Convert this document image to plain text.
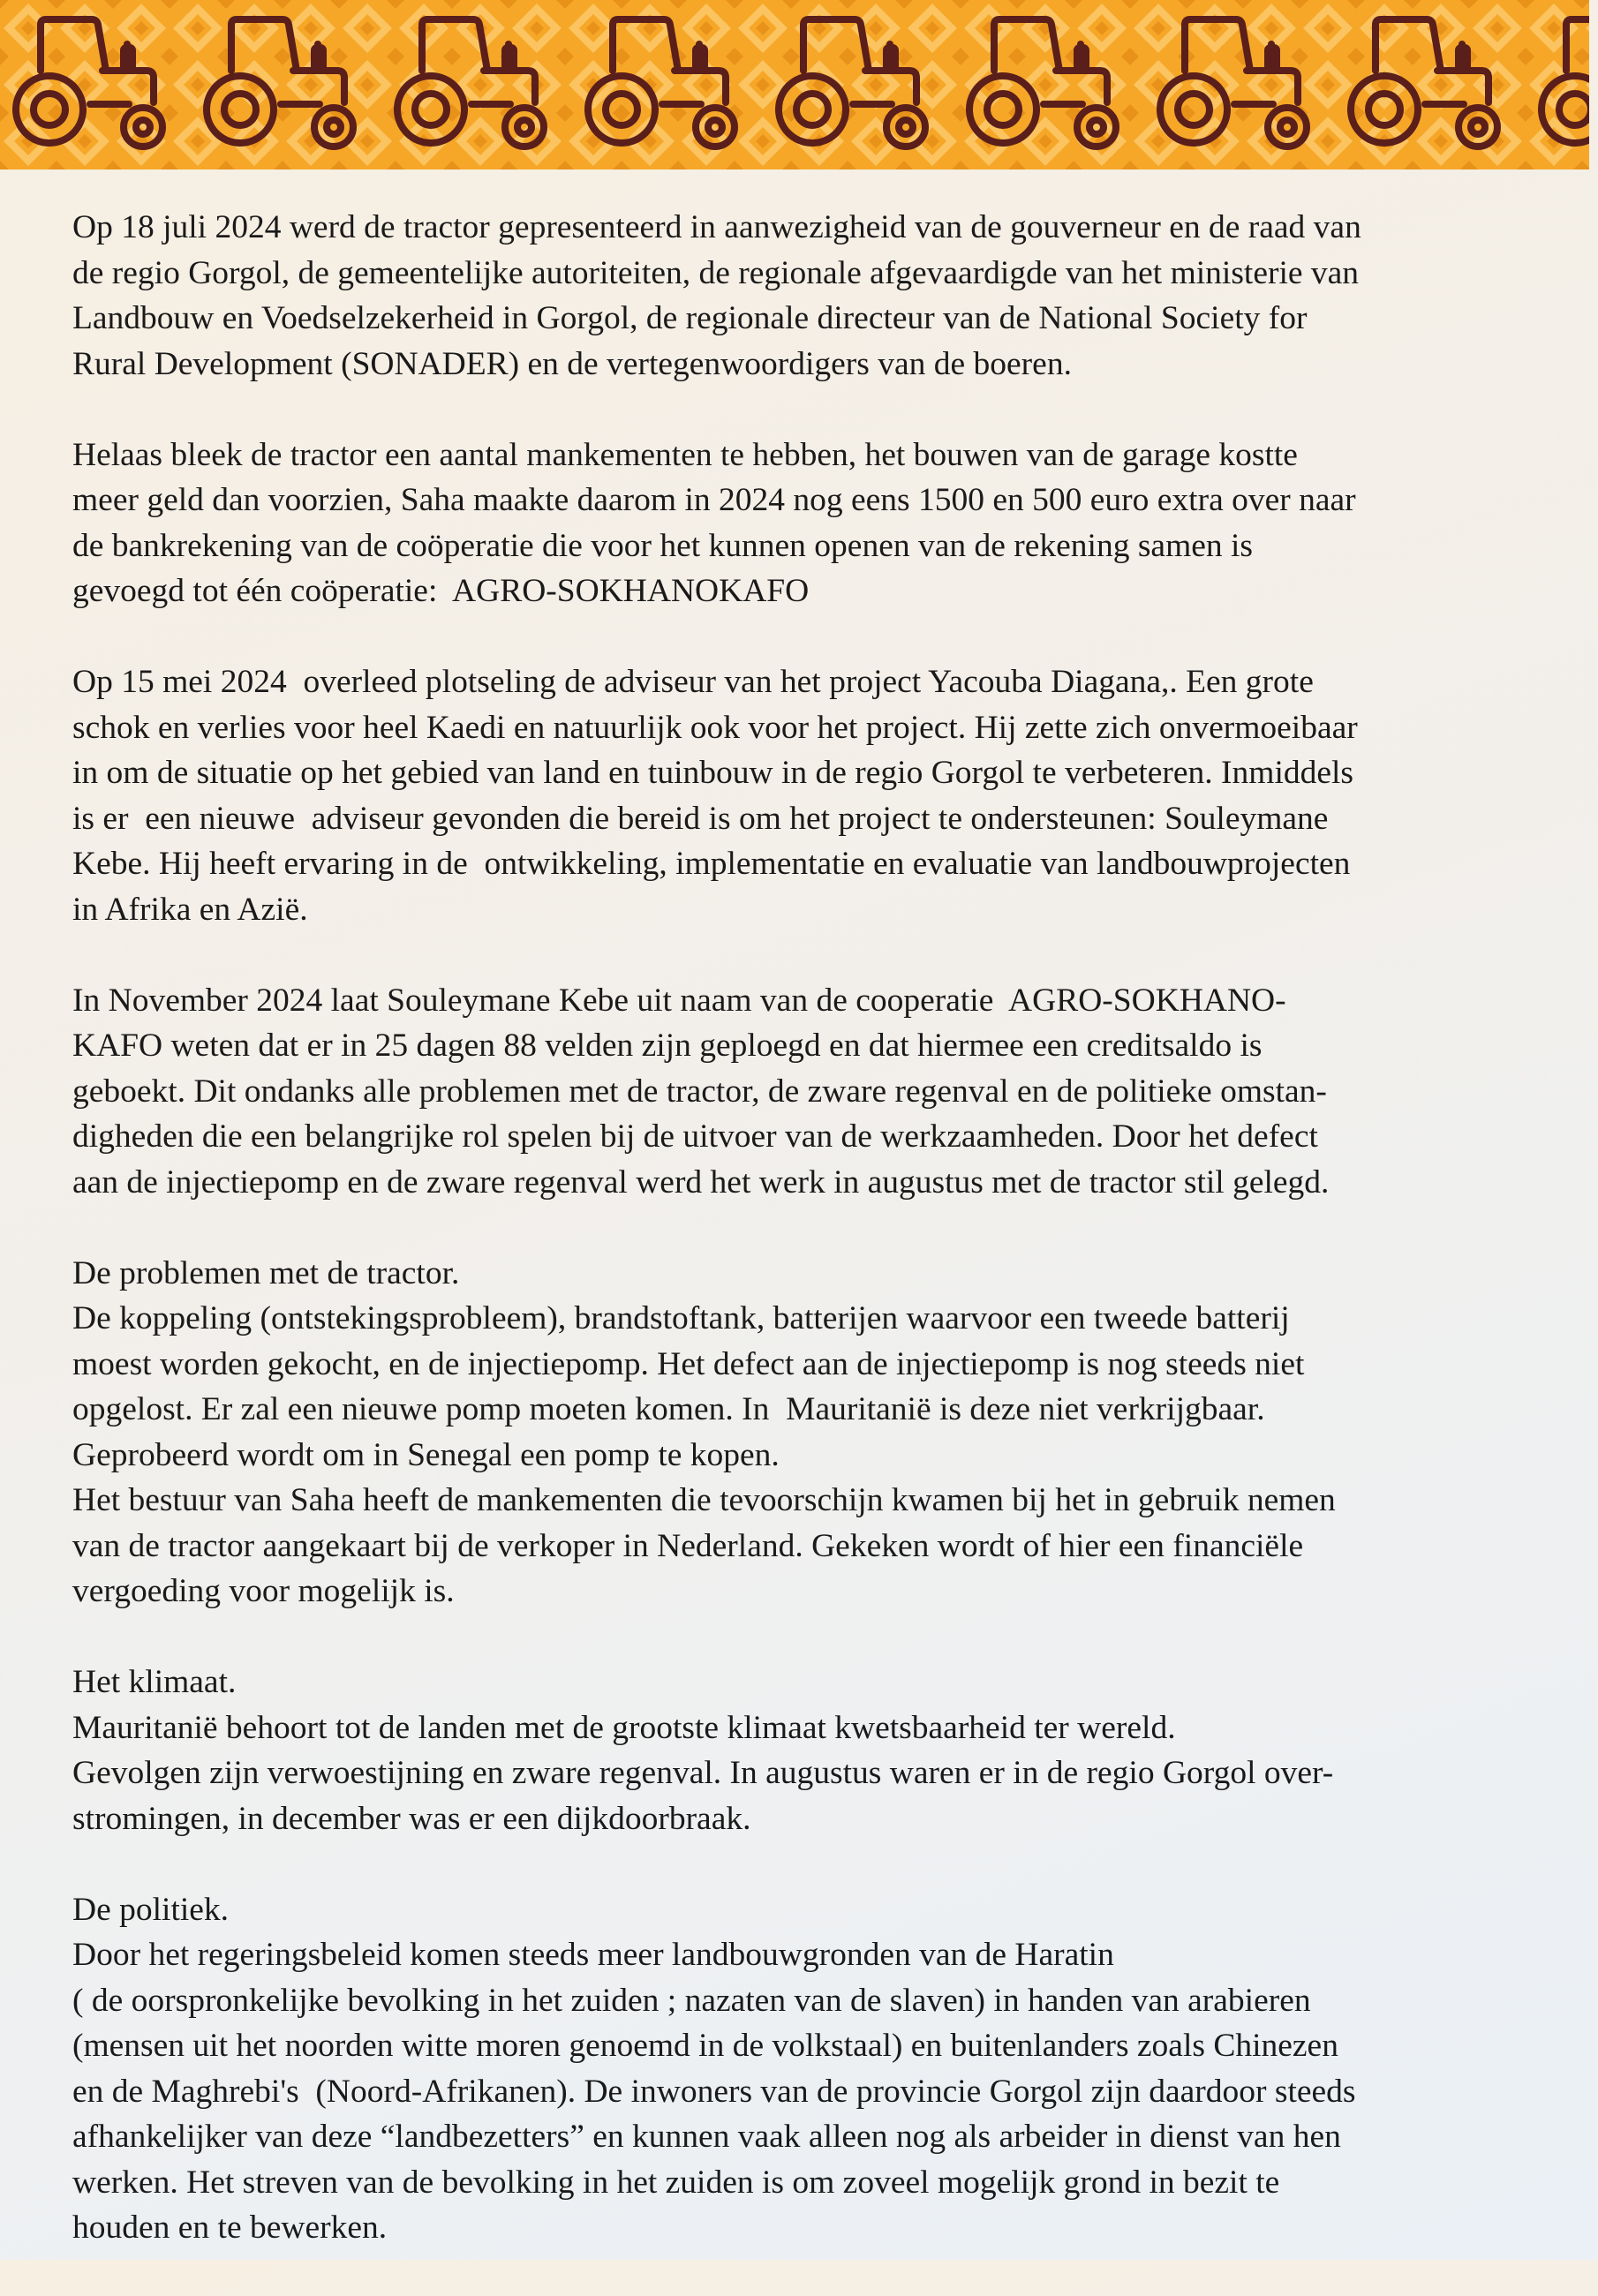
Op 18 juli 2024 werd de tractor gepresenteerd in aanwezigheid van de gouverneur en de raad van
de regio Gorgol, de gemeentelijke autoriteiten, de regionale afgevaardigde van het ministerie van
Landbouw en Voedselzekerheid in Gorgol, de regionale directeur van de National Society for
Rural Development (SONADER) en de vertegenwoordigers van de boeren.
Helaas bleek de tractor een aantal mankementen te hebben, het bouwen van de garage kostte
meer geld dan voorzien, Saha maakte daarom in 2024 nog eens 1500 en 500 euro extra over naar
de bankrekening van de coöperatie die voor het kunnen openen van de rekening samen is
gevoegd tot één coöperatie:  AGRO-SOKHANOKAFO
Op 15 mei 2024  overleed plotseling de adviseur van het project Yacouba Diagana,. Een grote
schok en verlies voor heel Kaedi en natuurlijk ook voor het project. Hij zette zich onvermoeibaar
in om de situatie op het gebied van land en tuinbouw in de regio Gorgol te verbeteren. Inmiddels
is er  een nieuwe  adviseur gevonden die bereid is om het project te ondersteunen: Souleymane
Kebe. Hij heeft ervaring in de  ontwikkeling, implementatie en evaluatie van landbouwprojecten
in Afrika en Azië.
In November 2024 laat Souleymane Kebe uit naam van de cooperatie  AGRO-SOKHANO-
KAFO weten dat er in 25 dagen 88 velden zijn geploegd en dat hiermee een creditsaldo is
geboekt. Dit ondanks alle problemen met de tractor, de zware regenval en de politieke omstan-
digheden die een belangrijke rol spelen bij de uitvoer van de werkzaamheden. Door het defect
aan de injectiepomp en de zware regenval werd het werk in augustus met de tractor stil gelegd.
De problemen met de tractor.
De koppeling (ontstekingsprobleem), brandstoftank, batterijen waarvoor een tweede batterij
moest worden gekocht, en de injectiepomp. Het defect aan de injectiepomp is nog steeds niet
opgelost. Er zal een nieuwe pomp moeten komen. In  Mauritanië is deze niet verkrijgbaar.
Geprobeerd wordt om in Senegal een pomp te kopen.
Het bestuur van Saha heeft de mankementen die tevoorschijn kwamen bij het in gebruik nemen
van de tractor aangekaart bij de verkoper in Nederland. Gekeken wordt of hier een financiële
vergoeding voor mogelijk is.
Het klimaat.
Mauritanië behoort tot de landen met de grootste klimaat kwetsbaarheid ter wereld.
Gevolgen zijn verwoestijning en zware regenval. In augustus waren er in de regio Gorgol over-
stromingen, in december was er een dijkdoorbraak.
De politiek.
Door het regeringsbeleid komen steeds meer landbouwgronden van de Haratin
( de oorspronkelijke bevolking in het zuiden ; nazaten van de slaven) in handen van arabieren
(mensen uit het noorden witte moren genoemd in de volkstaal) en buitenlanders zoals Chinezen
en de Maghrebi's  (Noord-Afrikanen). De inwoners van de provincie Gorgol zijn daardoor steeds
afhankelijker van deze “landbezetters” en kunnen vaak alleen nog als arbeider in dienst van hen
werken. Het streven van de bevolking in het zuiden is om zoveel mogelijk grond in bezit te
houden en te bewerken.
